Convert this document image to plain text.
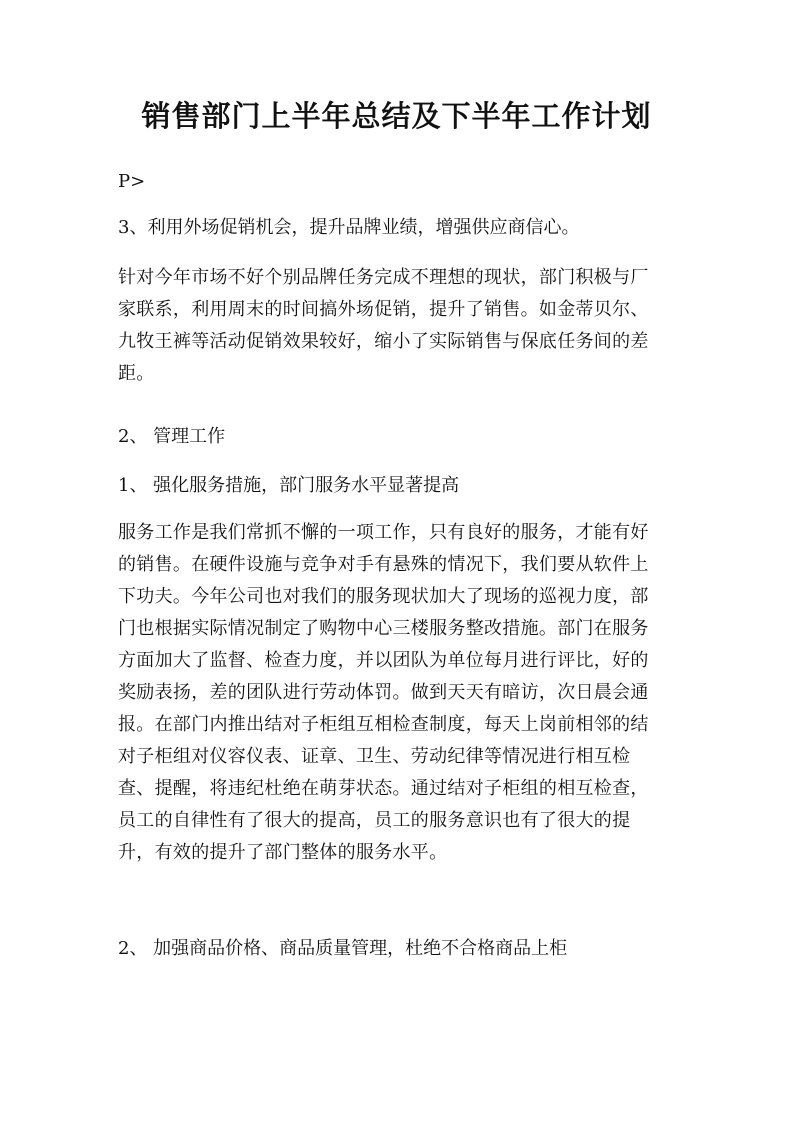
销售部门上半年总结及下半年工作计划

P>

3、利用外场促销机会，提升品牌业绩，增强供应商信心。

针对今年市场不好个别品牌任务完成不理想的现状，部门积极与厂
家联系，利用周末的时间搞外场促销，提升了销售。如金蒂贝尔、
九牧王裤等活动促销效果较好，缩小了实际销售与保底任务间的差
距。

2、 管理工作

1、 强化服务措施，部门服务水平显著提高

服务工作是我们常抓不懈的一项工作，只有良好的服务，才能有好
的销售。在硬件设施与竞争对手有悬殊的情况下，我们要从软件上
下功夫。今年公司也对我们的服务现状加大了现场的巡视力度，部
门也根据实际情况制定了购物中心三楼服务整改措施。部门在服务
方面加大了监督、检查力度，并以团队为单位每月进行评比，好的
奖励表扬，差的团队进行劳动体罚。做到天天有暗访，次日晨会通
报。在部门内推出结对子柜组互相检查制度，每天上岗前相邻的结
对子柜组对仪容仪表、证章、卫生、劳动纪律等情况进行相互检
查、提醒，将违纪杜绝在萌芽状态。通过结对子柜组的相互检查，
员工的自律性有了很大的提高，员工的服务意识也有了很大的提
升，有效的提升了部门整体的服务水平。

2、 加强商品价格、商品质量管理，杜绝不合格商品上柜
